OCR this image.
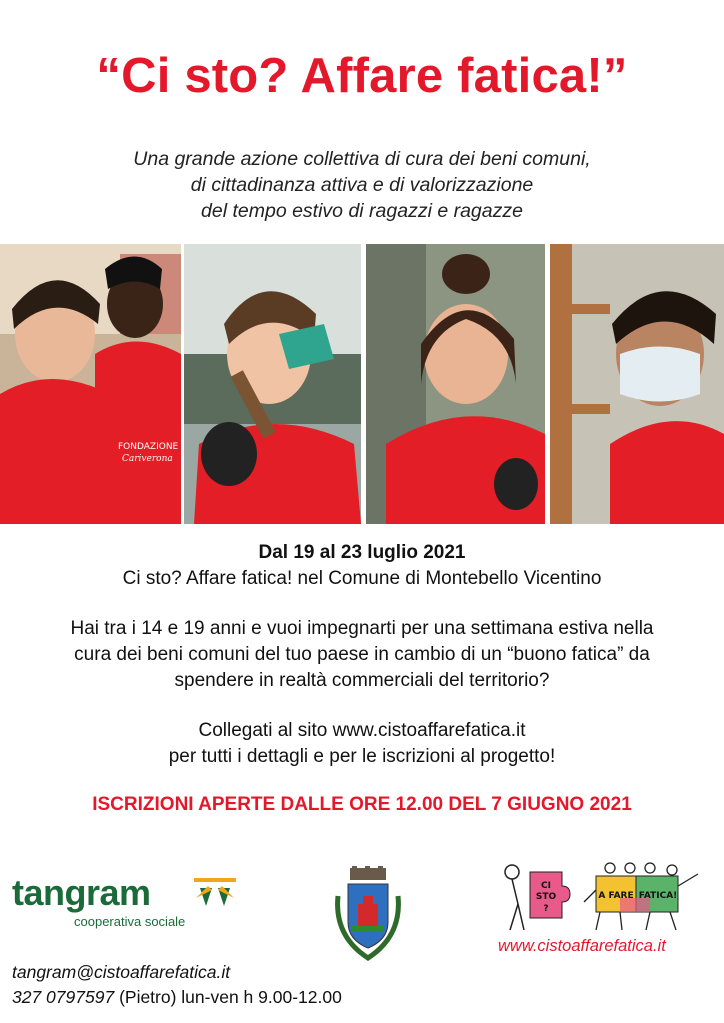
“Ci sto? Affare fatica!”
Una grande azione collettiva di cura dei beni comuni,
di cittadinanza attiva e di valorizzazione
del tempo estivo di ragazzi e ragazze
FONDAZIONE
Cariverona
Dal 19 al 23 luglio 2021
Ci sto? Affare fatica! nel Comune di Montebello Vicentino
Hai tra i 14 e 19 anni e vuoi impegnarti per una settimana estiva nella
cura dei beni comuni del tuo paese in cambio di un “buono fatica” da
spendere in realtà commerciali del territorio?
Collegati al sito www.cistoaffarefatica.it
per tutti i dettagli e per le iscrizioni al progetto!
ISCRIZIONI APERTE DALLE ORE 12.00 DEL 7 GIUGNO 2021
tangram
cooperativa sociale
CI
STO
?
A FARE FATICA!
www.cistoaffarefatica.it
tangram@cistoaffarefatica.it
327 0797597 (Pietro) lun-ven h 9.00-12.00
